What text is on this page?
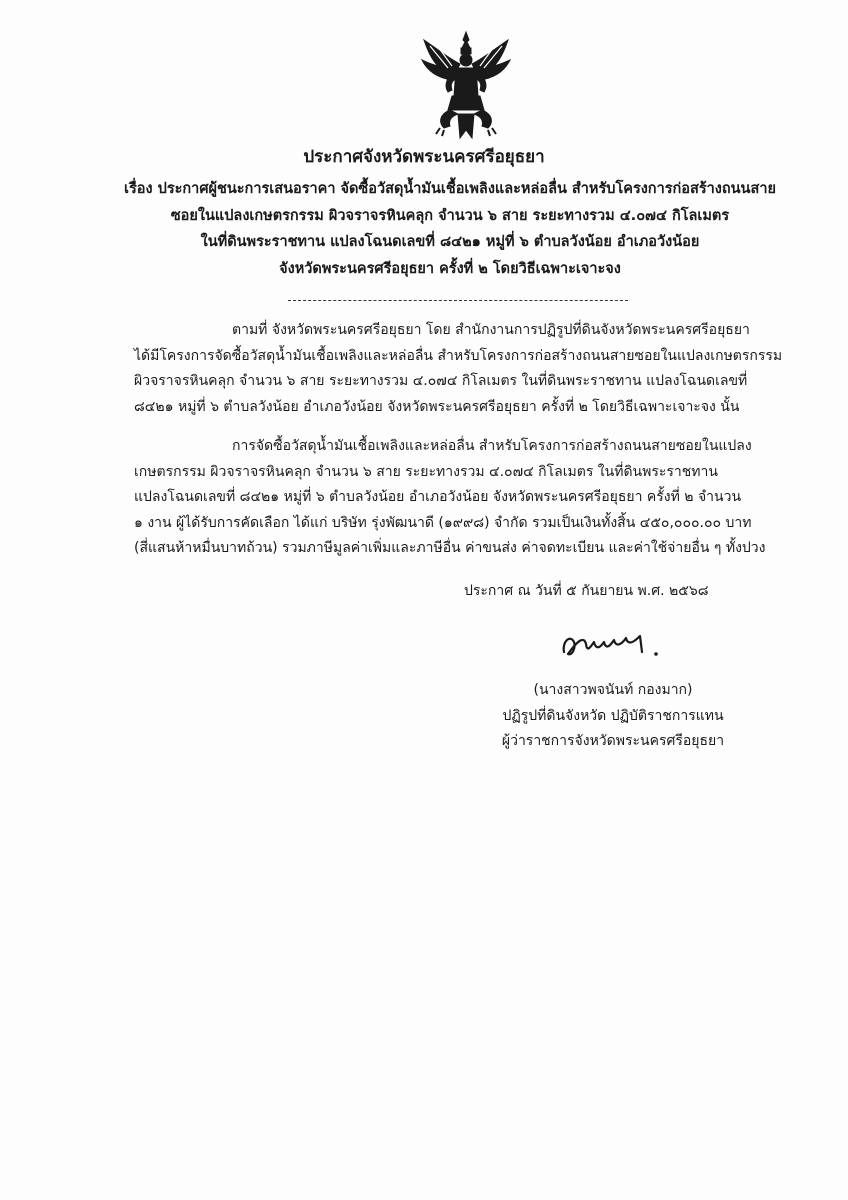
ประกาศจังหวัดพระนครศรีอยุธยา
เรื่อง ประกาศผู้ชนะการเสนอราคา จัดซื้อวัสดุน้ำมันเชื้อเพลิงและหล่อลื่น สำหรับโครงการก่อสร้างถนนสาย
ซอยในแปลงเกษตรกรรม ผิวจราจรหินคลุก จำนวน ๖ สาย ระยะทางรวม ๔.๐๗๔ กิโลเมตร
ในที่ดินพระราชทาน แปลงโฉนดเลขที่ ๘๔๒๑ หมู่ที่ ๖ ตำบลวังน้อย อำเภอวังน้อย
จังหวัดพระนครศรีอยุธยา ครั้งที่ ๒ โดยวิธีเฉพาะเจาะจง
ตามที่ จังหวัดพระนครศรีอยุธยา โดย สำนักงานการปฏิรูปที่ดินจังหวัดพระนครศรีอยุธยา
ได้มีโครงการจัดซื้อวัสดุน้ำมันเชื้อเพลิงและหล่อลื่น สำหรับโครงการก่อสร้างถนนสายซอยในแปลงเกษตรกรรม
ผิวจราจรหินคลุก จำนวน ๖ สาย ระยะทางรวม ๔.๐๗๔ กิโลเมตร ในที่ดินพระราชทาน แปลงโฉนดเลขที่
๘๔๒๑ หมู่ที่ ๖ ตำบลวังน้อย อำเภอวังน้อย จังหวัดพระนครศรีอยุธยา ครั้งที่ ๒ โดยวิธีเฉพาะเจาะจง นั้น
การจัดซื้อวัสดุน้ำมันเชื้อเพลิงและหล่อลื่น สำหรับโครงการก่อสร้างถนนสายซอยในแปลง
เกษตรกรรม ผิวจราจรหินคลุก จำนวน ๖ สาย ระยะทางรวม ๔.๐๗๔ กิโลเมตร ในที่ดินพระราชทาน
แปลงโฉนดเลขที่ ๘๔๒๑ หมู่ที่ ๖ ตำบลวังน้อย อำเภอวังน้อย จังหวัดพระนครศรีอยุธยา ครั้งที่ ๒ จำนวน
๑ งาน ผู้ได้รับการคัดเลือก ได้แก่ บริษัท รุ่งพัฒนาดี (๑๙๙๘) จำกัด รวมเป็นเงินทั้งสิ้น ๔๕๐,๐๐๐.๐๐ บาท
(สี่แสนห้าหมื่นบาทถ้วน) รวมภาษีมูลค่าเพิ่มและภาษีอื่น ค่าขนส่ง ค่าจดทะเบียน และค่าใช้จ่ายอื่น ๆ ทั้งปวง
ประกาศ ณ วันที่ ๕ กันยายน พ.ศ. ๒๕๖๘
(นางสาวพจนันท์ กองมาก)
ปฏิรูปที่ดินจังหวัด ปฏิบัติราชการแทน
ผู้ว่าราชการจังหวัดพระนครศรีอยุธยา
